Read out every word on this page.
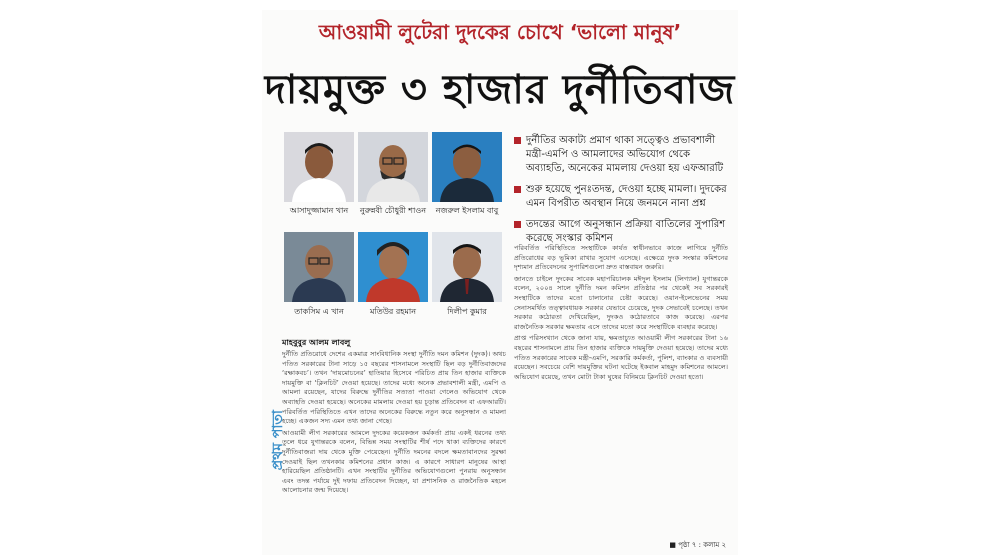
আওয়ামী লুটেরা দুদকের চোখে ‘ভালো মানুষ’
দায়মুক্ত ৩ হাজার দুর্নীতিবাজ
আসাদুজ্জামান খান	নুরুন্নবী চৌধুরী শাওন	নজরুল ইসলাম বাবু
তাকসিম এ খান	মতিউর রহমান	দিলীপ কুমার
দুর্নীতির অকাট্য প্রমাণ থাকা সত্ত্বেও প্রভাবশালী মন্ত্রী-এমপি ও আমলাদের অভিযোগ থেকে অব্যাহতি, অনেকের মামলায় দেওয়া হয় এফআরটি
শুরু হয়েছে পুনঃতদন্ত, দেওয়া হচ্ছে মামলা। দুদকের এমন বিপরীত অবস্থান নিয়ে জনমনে নানা প্রশ্ন
তদন্তের আগে অনুসন্ধান প্রক্রিয়া বাতিলের সুপারিশ করেছে সংস্কার কমিশন
মাহবুবুর আলম লাবলু

দুর্নীতি প্রতিরোধে দেশের একমাত্র সাংবিধানিক সংস্থা দুর্নীতি দমন কমিশন (দুদক)। অথচ পতিত সরকারের টানা সাড়ে ১৫ বছরের শাসনামলে সংস্থাটি ছিল বড় দুর্নীতিবাজদের ‘রক্ষাকবচ’। তখন ‘দায়মোচনের’ হাতিয়ার হিসেবে পরিচিত প্রায় তিন হাজার ব্যক্তিকে দায়মুক্তি বা ‘ক্লিনচিট’ দেওয়া হয়েছে। তাদের মধ্যে অনেক প্রভাবশালী মন্ত্রী, এমপি ও আমলা রয়েছেন, যাদের বিরুদ্ধে দুর্নীতির সত্যতা পাওয়া গেলেও অভিযোগ থেকে অব্যাহতি দেওয়া হয়েছে। অনেকের মামলায় দেওয়া হয় চূড়ান্ত প্রতিবেদন বা এফআরটি। পরিবর্তিত পরিস্থিতিতে এখন তাদের অনেকের বিরুদ্ধে নতুন করে অনুসন্ধান ও মামলা হচ্ছে। একজন সদ্য এমন তথ্য জানা গেছে।

আওয়ামী লীগ সরকারের আমলে দুদকের কয়েকজন কর্মকর্তা প্রায় একই ধরনের তথ্য তুলে ধরে যুগান্তরকে বলেন, বিভিন্ন সময় সংস্থাটির শীর্ষ পদে থাকা ব্যক্তিদের কারণে দুর্নীতিবাজরা দায় থেকে মুক্তি পেয়েছেন। দুর্নীতি দমনের বদলে ক্ষমতাবানদের সুরক্ষা দেওয়াই ছিল তখনকার কমিশনের প্রধান কাজ। এ কারণে সাধারণ মানুষের আস্থা হারিয়েছিল প্রতিষ্ঠানটি। এখন সংস্থাটির দুর্নীতির অভিযোগগুলো পুনরায় অনুসন্ধান এবং তদন্ত পর্যায়ে দুই দফায় প্রতিবেদন দিচ্ছেন, যা প্রশাসনিক ও রাজনৈতিক মহলে আলোচনার জন্ম দিয়েছে।

পরিবর্তিত পরিস্থিতিতে সংস্থাটিকে কার্যত স্বাধীনভাবে কাজে লাগিয়ে দুর্নীতি প্রতিরোধের বড় ভূমিকা রাখার সুযোগ এসেছে। এক্ষেত্রে দুদক সংস্কার কমিশনের দৃশ্যমান প্রতিবেদনের সুপারিশগুলো দ্রুত বাস্তবায়ন জরুরি।

জানতে চাইলে দুদকের সাবেক মহাপরিচালক মঈদুল ইসলাম (লিগ্যাল) যুগান্তরকে বলেন, ২০০৪ সালে দুর্নীতি দমন কমিশন প্রতিষ্ঠার পর থেকেই সব সরকারই সংস্থাটিকে তাদের মতো চালানোর চেষ্টা করেছে। ওয়ান-ইলেভেনের সময় সেনাসমর্থিত তত্ত্বাবধায়ক সরকার যেভাবে চেয়েছে, দুদক সেভাবেই চলেছে। তখন সরকার কঠোরতা দেখিয়েছিল, দুদকও কঠোরতাবে কাজ করেছে। এরপর রাজনৈতিক সরকার ক্ষমতায় এসে তাদের মতো করে সংস্থাটিকে ব্যবহার করেছে।

প্রাপ্ত পরিসংখ্যান থেকে জানা যায়, ক্ষমতাচ্যুত আওয়ামী লীগ সরকারের টানা ১৬ বছরের শাসনামলে প্রায় তিন হাজার ব্যক্তিকে দায়মুক্তি দেওয়া হয়েছে। তাদের মধ্যে পতিত সরকারের সাবেক মন্ত্রী-এমপি, সরকারি কর্মকর্তা, পুলিশ, ব্যাংকার ও ব্যবসায়ী রয়েছেন। সবচেয়ে বেশি দায়মুক্তির ঘটনা ঘটেছে ইকবাল মাহমুদ কমিশনের আমলে। অভিযোগ রয়েছে, তখন মোটা টাকা ঘুষের বিনিময়ে ক্লিনচিট দেওয়া হতো।

প্রথম পাতা
■ পৃষ্ঠা ৭ : কলাম ২
